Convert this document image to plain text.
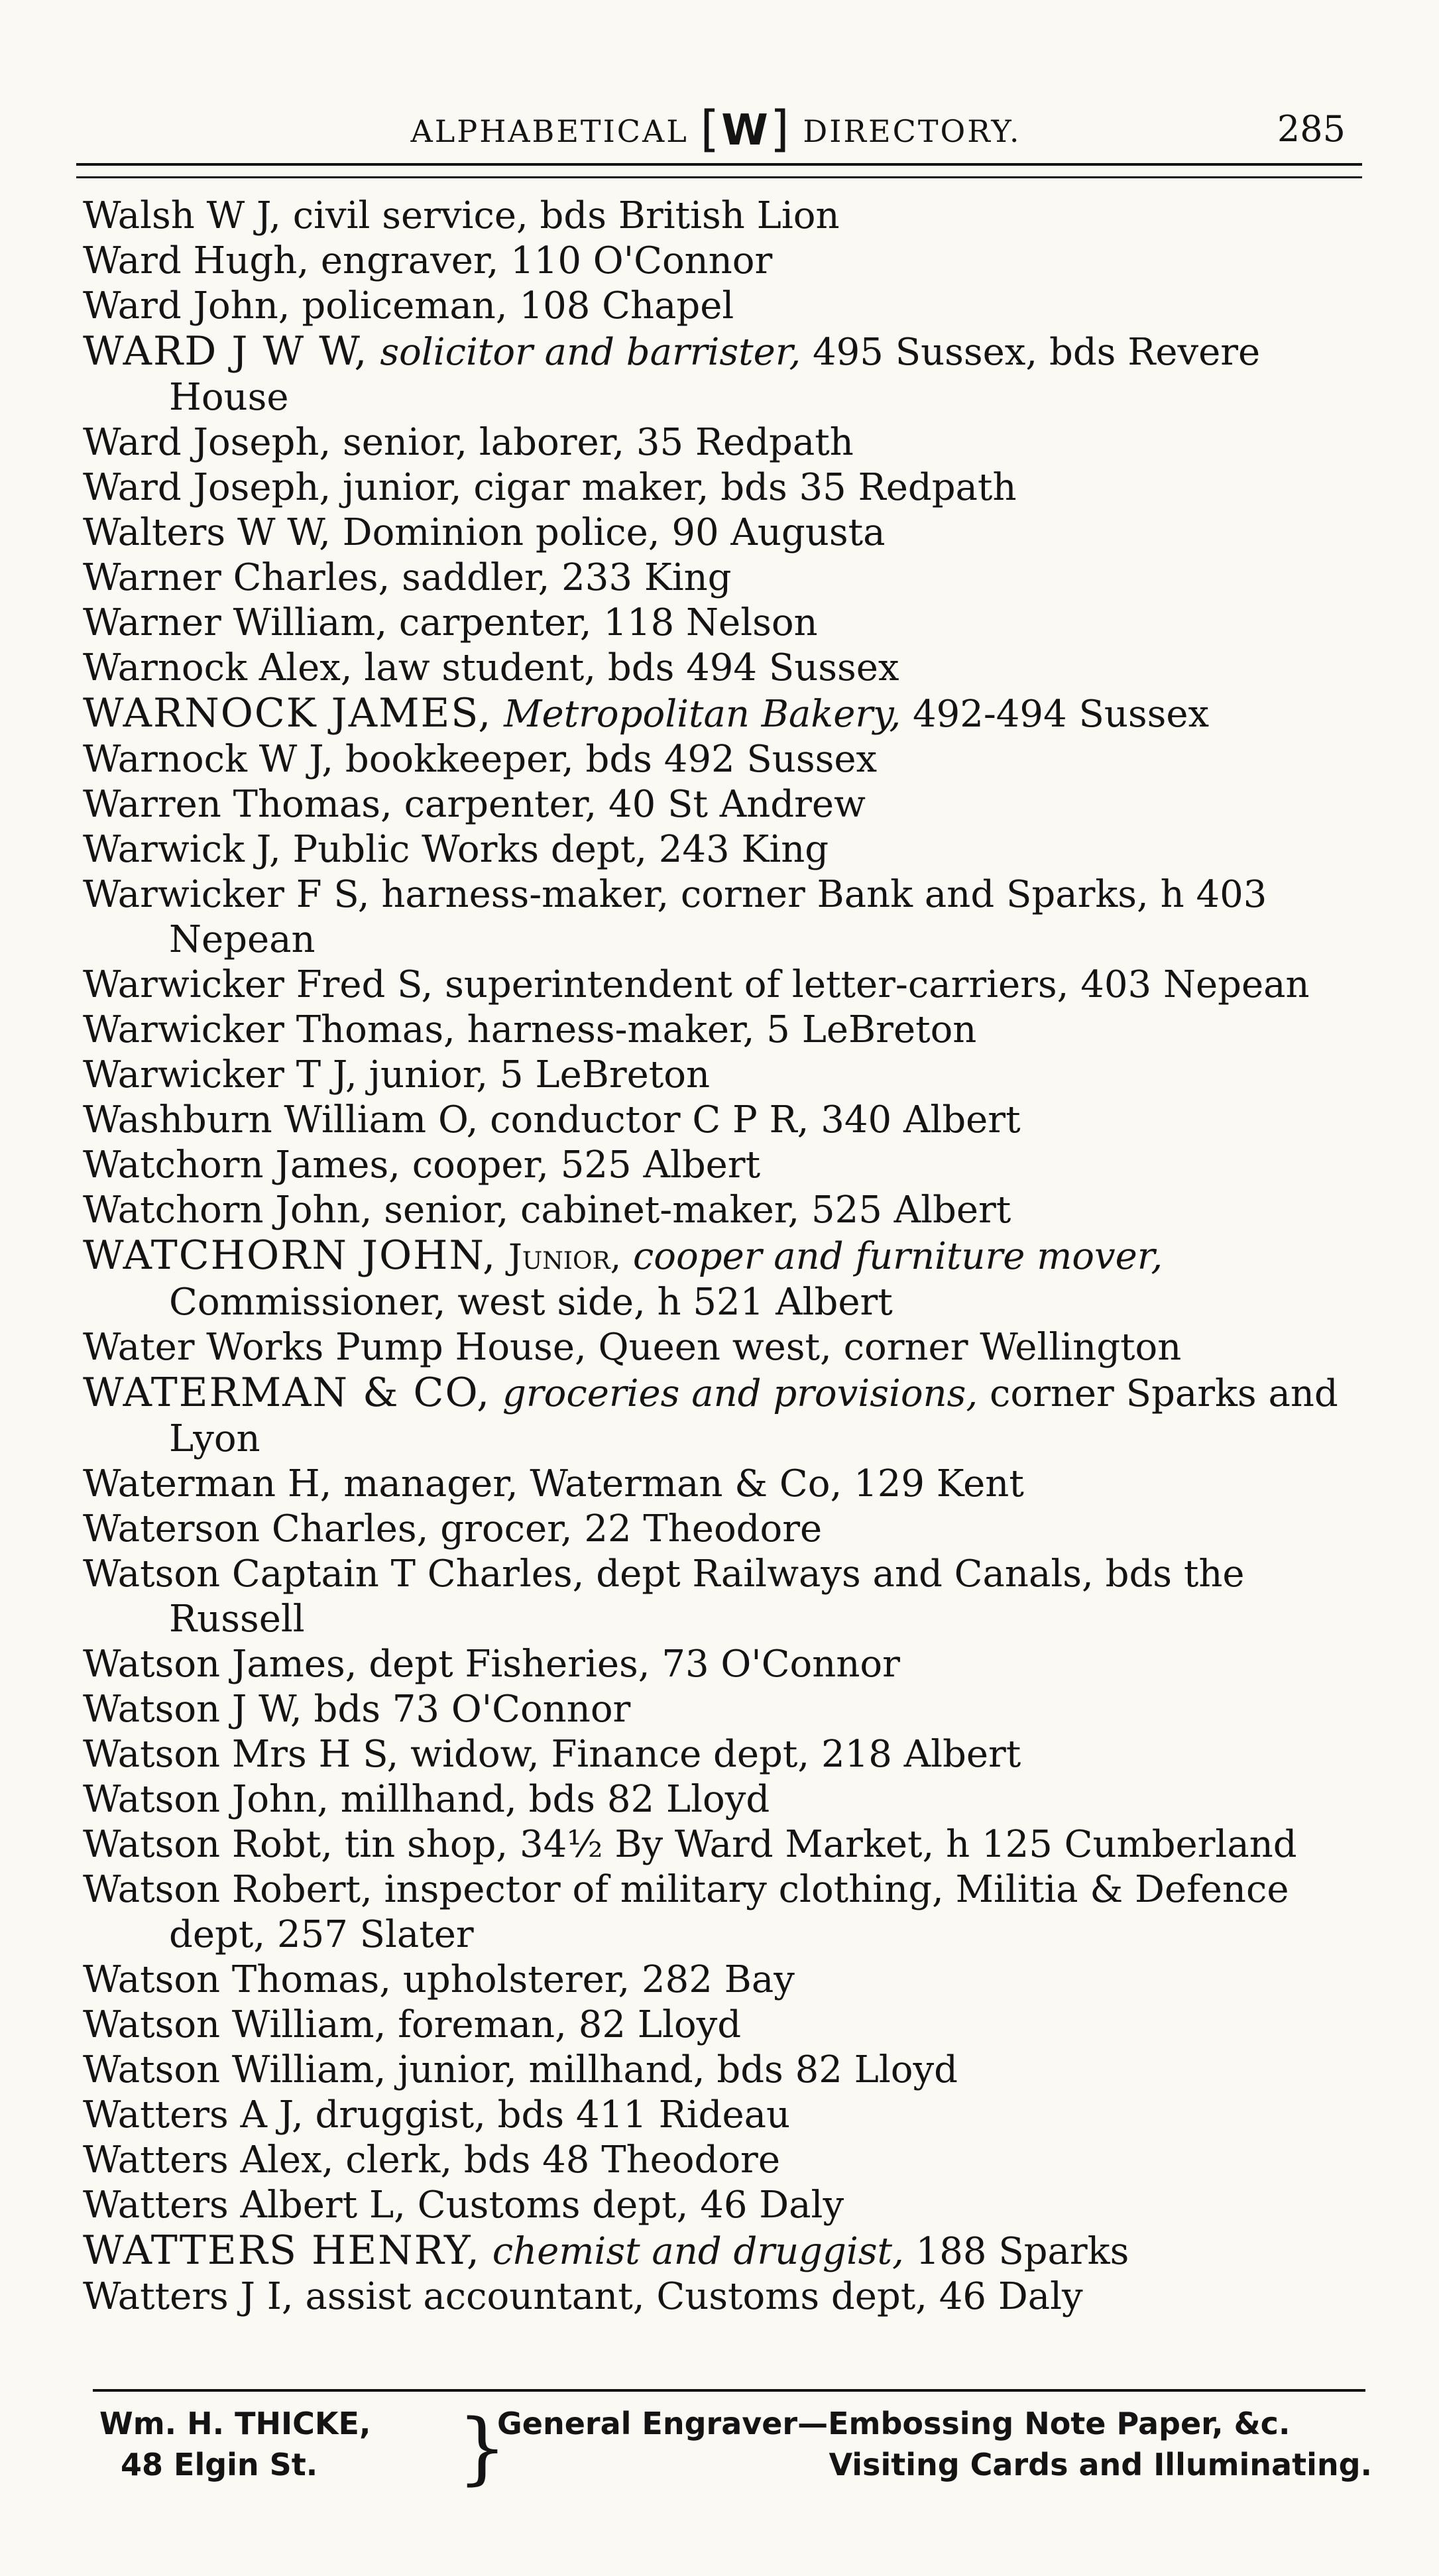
ALPHABETICAL [W] DIRECTORY.	285

Walsh W J, civil service, bds British Lion

Ward Hugh, engraver, 110 O'Connor

Ward John, policeman, 108 Chapel

WARD J W W, solicitor and barrister, 495 Sussex, bds Revere House

Ward Joseph, senior, laborer, 35 Redpath

Ward Joseph, junior, cigar maker, bds 35 Redpath

Walters W W, Dominion police, 90 Augusta

Warner Charles, saddler, 233 King

Warner William, carpenter, 118 Nelson

Warnock Alex, law student, bds 494 Sussex

WARNOCK JAMES, Metropolitan Bakery, 492-494 Sussex

Warnock W J, bookkeeper, bds 492 Sussex

Warren Thomas, carpenter, 40 St Andrew

Warwick J, Public Works dept, 243 King

Warwicker F S, harness-maker, corner Bank and Sparks, h 403 Nepean

Warwicker Fred S, superintendent of letter-carriers, 403 Nepean

Warwicker Thomas, harness-maker, 5 LeBreton

Warwicker T J, junior, 5 LeBreton

Washburn William O, conductor C P R, 340 Albert

Watchorn James, cooper, 525 Albert

Watchorn John, senior, cabinet-maker, 525 Albert

WATCHORN JOHN, Junior, cooper and furniture mover, Commissioner, west side, h 521 Albert

Water Works Pump House, Queen west, corner Wellington

WATERMAN & CO, groceries and provisions, corner Sparks and Lyon

Waterman H, manager, Waterman & Co, 129 Kent

Waterson Charles, grocer, 22 Theodore

Watson Captain T Charles, dept Railways and Canals, bds the Russell

Watson James, dept Fisheries, 73 O'Connor

Watson J W, bds 73 O'Connor

Watson Mrs H S, widow, Finance dept, 218 Albert

Watson John, millhand, bds 82 Lloyd

Watson Robt, tin shop, 34½ By Ward Market, h 125 Cumberland

Watson Robert, inspector of military clothing, Militia & Defence dept, 257 Slater

Watson Thomas, upholsterer, 282 Bay

Watson William, foreman, 82 Lloyd

Watson William, junior, millhand, bds 82 Lloyd

Watters A J, druggist, bds 411 Rideau

Watters Alex, clerk, bds 48 Theodore

Watters Albert L, Customs dept, 46 Daly

WATTERS HENRY, chemist and druggist, 188 Sparks

Watters J I, assist accountant, Customs dept, 46 Daly

Wm. H. THICKE,
48 Elgin St.	}
General Engraver—Embossing Note Paper, &c.
Visiting Cards and Illuminating.
